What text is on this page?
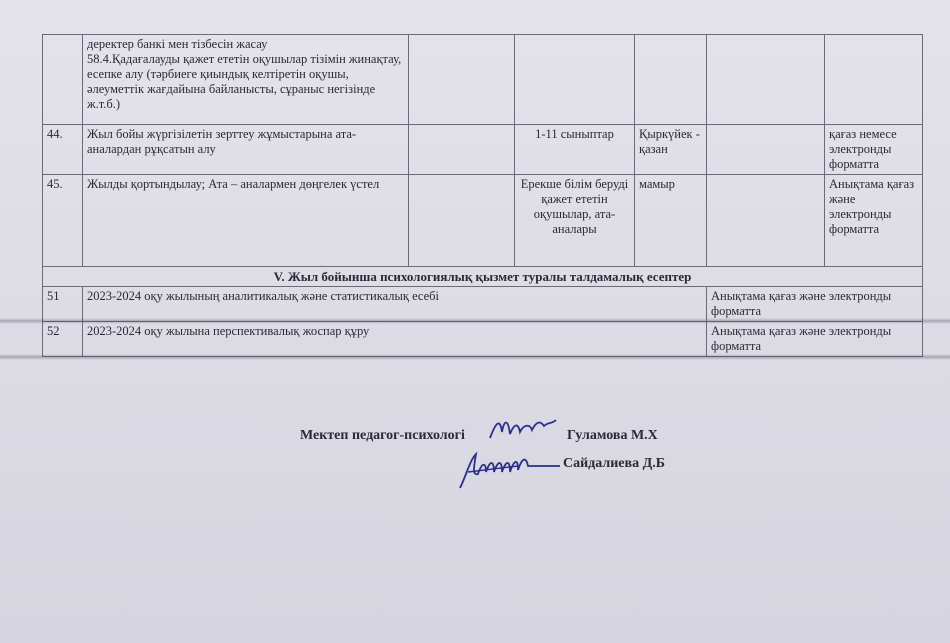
	деректер банкі мен тізбесін жасау
58.4.Қадағалауды қажет ететін оқушылар тізімін жинақтау, есепке алу (тәрбиеге қиындық келтіретін оқушы, әлеуметтік жағдайына байланысты, сұраныс негізінде ж.т.б.)					

44.	Жыл бойы жүргізілетін зерттеу жұмыстарына ата-аналардан рұқсатын алу		1-11 сыныптар	Қыркүйек - қазан		қағаз немесе электронды форматта
45.	Жылды қортындылау; Ата – аналармен дөңгелек үстел		Ерекше білім беруді қажет ететін оқушылар, ата-аналары	мамыр		Анықтама қағаз және электронды форматта
V. Жыл бойынша психологиялық қызмет туралы талдамалық есептер						
51	2023-2024 оқу жылының аналитикалық және статистикалық есебі				Анықтама қағаз және электронды форматта	
52	2023-2024 оқу жылына перспективалық жоспар құру				Анықтама қағаз және электронды форматта	
Мектеп педагог-психологі	Гуламова М.Х
Сайдалиева Д.Б
